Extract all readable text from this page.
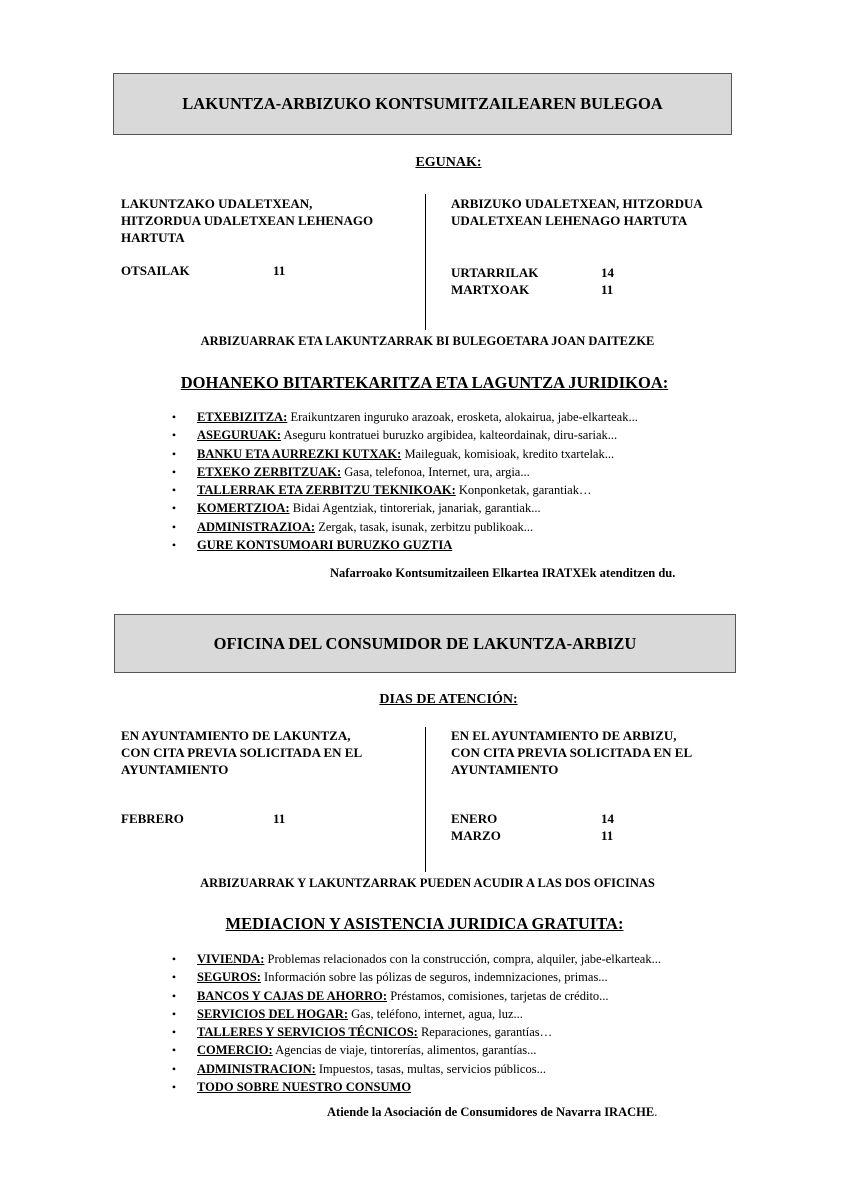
LAKUNTZA-ARBIZUKO KONTSUMITZAILEAREN BULEGOA
EGUNAK:
LAKUNTZAKO UDALETXEAN,
HITZORDUA UDALETXEAN LEHENAGO
HARTUTA
OTSAILAK	11
ARBIZUKO UDALETXEAN, HITZORDUA
UDALETXEAN LEHENAGO HARTUTA
URTARRILAK	14
MARTXOAK	11
ARBIZUARRAK ETA LAKUNTZARRAK BI BULEGOETARA JOAN DAITEZKE
DOHANEKO BITARTEKARITZA ETA LAGUNTZA JURIDIKOA:
• ETXEBIZITZA: Eraikuntzaren inguruko arazoak, erosketa, alokairua, jabe-elkarteak...
• ASEGURUAK: Aseguru kontratuei buruzko argibidea, kalteordainak, diru-sariak...
• BANKU ETA AURREZKI KUTXAK: Maileguak, komisioak, kredito txartelak...
• ETXEKO ZERBITZUAK: Gasa, telefonoa, Internet, ura, argia...
• TALLERRAK ETA ZERBITZU TEKNIKOAK: Konponketak, garantiak…
• KOMERTZIOA: Bidai Agentziak, tintoreriak, janariak, garantiak...
• ADMINISTRAZIOA: Zergak, tasak, isunak, zerbitzu publikoak...
• GURE KONTSUMOARI BURUZKO GUZTIA
Nafarroako Kontsumitzaileen Elkartea IRATXEk atenditzen du.
OFICINA DEL CONSUMIDOR DE LAKUNTZA-ARBIZU
DIAS DE ATENCIÓN:
EN AYUNTAMIENTO DE LAKUNTZA,
CON CITA PREVIA SOLICITADA EN EL
AYUNTAMIENTO
FEBRERO	11
EN EL AYUNTAMIENTO DE ARBIZU,
CON CITA PREVIA SOLICITADA EN EL
AYUNTAMIENTO
ENERO	14
MARZO	11
ARBIZUARRAK Y LAKUNTZARRAK PUEDEN ACUDIR A LAS DOS OFICINAS
MEDIACION Y ASISTENCIA JURIDICA GRATUITA:
• VIVIENDA: Problemas relacionados con la construcción, compra, alquiler, jabe-elkarteak...
• SEGUROS: Información sobre las pólizas de seguros, indemnizaciones, primas...
• BANCOS Y CAJAS DE AHORRO: Préstamos, comisiones, tarjetas de crédito...
• SERVICIOS DEL HOGAR: Gas, teléfono, internet, agua, luz...
• TALLERES Y SERVICIOS TÉCNICOS: Reparaciones, garantías…
• COMERCIO: Agencias de viaje, tintorerías, alimentos, garantías...
• ADMINISTRACION: Impuestos, tasas, multas, servicios públicos...
• TODO SOBRE NUESTRO CONSUMO
Atiende la Asociación de Consumidores de Navarra IRACHE.
